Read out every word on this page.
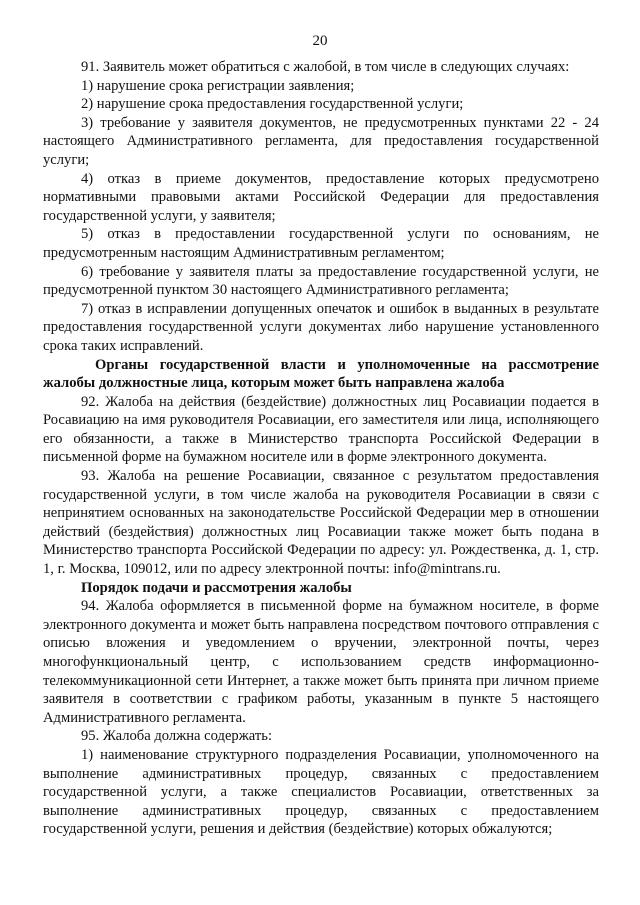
20

91. Заявитель может обратиться с жалобой, в том числе в следующих случаях:

1) нарушение срока регистрации заявления;

2) нарушение срока предоставления государственной услуги;

3) требование у заявителя документов, не предусмотренных пунктами 22 - 24 настоящего Административного регламента, для предоставления государственной услуги;

4) отказ в приеме документов, предоставление которых предусмотрено нормативными правовыми актами Российской Федерации для предоставления государственной услуги, у заявителя;

5) отказ в предоставлении государственной услуги по основаниям, не предусмотренным настоящим Административным регламентом;

6) требование у заявителя платы за предоставление государственной услуги, не предусмотренной пунктом 30 настоящего Административного регламента;

7) отказ в исправлении допущенных опечаток и ошибок в выданных в результате предоставления государственной услуги документах либо нарушение установленного срока таких исправлений.

Органы государственной власти и уполномоченные на рассмотрение жалобы должностные лица, которым может быть направлена жалоба

92. Жалоба на действия (бездействие) должностных лиц Росавиации подается в Росавиацию на имя руководителя Росавиации, его заместителя или лица, исполняющего его обязанности, а также в Министерство транспорта Российской Федерации в письменной форме на бумажном носителе или в форме электронного документа.

93. Жалоба на решение Росавиации, связанное с результатом предоставления государственной услуги, в том числе жалоба на руководителя Росавиации в связи с непринятием основанных на законодательстве Российской Федерации мер в отношении действий (бездействия) должностных лиц Росавиации также может быть подана в Министерство транспорта Российской Федерации по адресу: ул. Рождественка, д. 1, стр. 1, г. Москва, 109012, или по адресу электронной почты: info@mintrans.ru.

Порядок подачи и рассмотрения жалобы

94. Жалоба оформляется в письменной форме на бумажном носителе, в форме электронного документа и может быть направлена посредством почтового отправления с описью вложения и уведомлением о вручении, электронной почты, через многофункциональный центр, с использованием средств информационно-телекоммуникационной сети Интернет, а также может быть принята при личном приеме заявителя в соответствии с графиком работы, указанным в пункте 5 настоящего Административного регламента.

95. Жалоба должна содержать:

1) наименование структурного подразделения Росавиации, уполномоченного на выполнение административных процедур, связанных с предоставлением государственной услуги, а также специалистов Росавиации, ответственных за выполнение административных процедур, связанных с предоставлением государственной услуги, решения и действия (бездействие) которых обжалуются;
